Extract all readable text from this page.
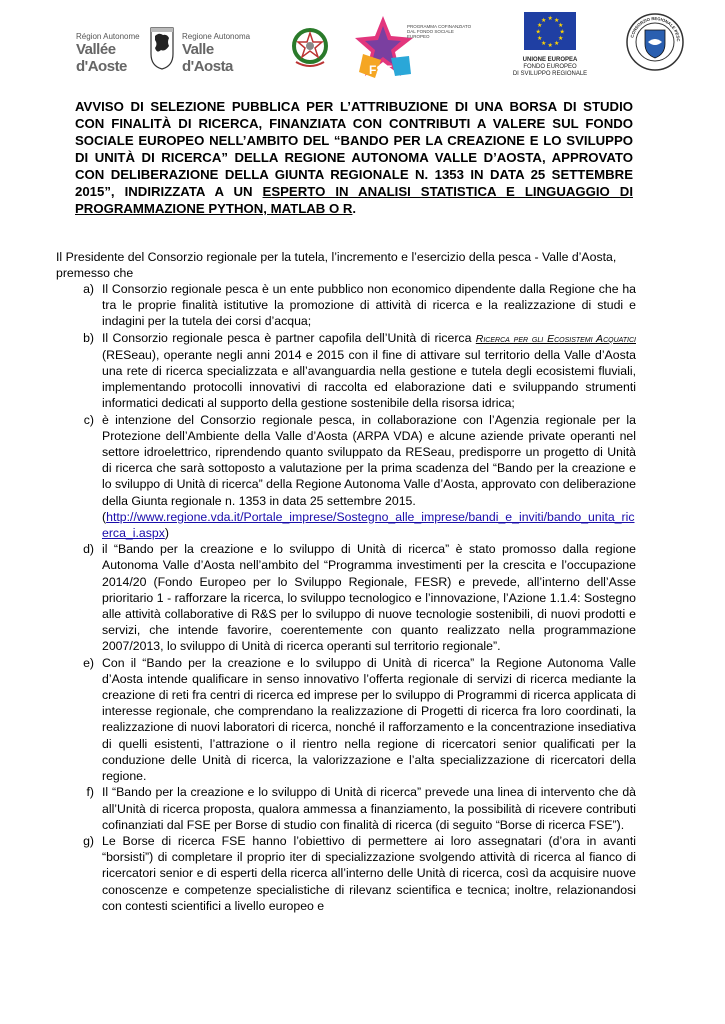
Région Autonome
Vallée d'Aoste
Regione Autonoma
Valle d'Aosta	FSE
PROGRAMMA COFINANZIATO DAL FONDO SOCIALE EUROPEO
★ ★
★
★
★
★
★
★
★
★
★
★
UNIONE EUROPEA
FONDO EUROPEO
DI SVILUPPO REGIONALE
CONSORZIO REGIONALE PESC
AVVISO DI SELEZIONE PUBBLICA PER L’ATTRIBUZIONE DI UNA BORSA DI STUDIO CON FINALITÀ DI RICERCA, FINANZIATA CON CONTRIBUTI A VALERE SUL FONDO SOCIALE EUROPEO NELL’AMBITO DEL “BANDO PER LA CREAZIONE E LO SVILUPPO DI UNITÀ DI RICERCA” DELLA REGIONE AUTONOMA VALLE D’AOSTA, APPROVATO CON DELIBERAZIONE DELLA GIUNTA REGIONALE N. 1353 IN DATA 25 SETTEMBRE 2015”, INDIRIZZATA A UN ESPERTO IN ANALISI STATISTICA E LINGUAGGIO DI PROGRAMMAZIONE PYTHON, MATLAB O R.
Il Presidente del Consorzio regionale per la tutela, l’incremento e l’esercizio della pesca - Valle d’Aosta, premesso che
a) Il Consorzio regionale pesca è un ente pubblico non economico dipendente dalla Regione che ha tra le proprie finalità istitutive la promozione di attività di ricerca e la realizzazione di studi e indagini per la tutela dei corsi d’acqua;
b) Il Consorzio regionale pesca è partner capofila dell’Unità di ricerca Ricerca per gli Ecosistemi Acquatici (RESeau), operante negli anni 2014 e 2015 con il fine di attivare sul territorio della Valle d’Aosta una rete di ricerca specializzata e all’avanguardia nella gestione e tutela degli ecosistemi fluviali, implementando protocolli innovativi di raccolta ed elaborazione dati e sviluppando strumenti informatici dedicati al supporto della gestione sostenibile della risorsa idrica;
c) è intenzione del Consorzio regionale pesca, in collaborazione con l’Agenzia regionale per la Protezione dell’Ambiente della Valle d’Aosta (ARPA VDA) e alcune aziende private operanti nel settore idroelettrico, riprendendo quanto sviluppato da RESeau, predisporre un progetto di Unità di ricerca che sarà sottoposto a valutazione per la prima scadenza del “Bando per la creazione e lo sviluppo di Unità di ricerca” della Regione Autonoma Valle d’Aosta, approvato con deliberazione della Giunta regionale n. 1353 in data 25 settembre 2015.

(http://www.regione.vda.it/Portale_imprese/Sostegno_alle_imprese/bandi_e_inviti/bando_unita_ricerca_i.aspx)

d) il “Bando per la creazione e lo sviluppo di Unità di ricerca” è stato promosso dalla regione Autonoma Valle d’Aosta nell’ambito del “Programma investimenti per la crescita e l’occupazione 2014/20 (Fondo Europeo per lo Sviluppo Regionale, FESR) e prevede, all’interno dell’Asse prioritario 1 - rafforzare la ricerca, lo sviluppo tecnologico e l’innovazione, l’Azione 1.1.4: Sostegno alle attività collaborative di R&S per lo sviluppo di nuove tecnologie sostenibili, di nuovi prodotti e servizi, che intende favorire, coerentemente con quanto realizzato nella programmazione 2007/2013, lo sviluppo di Unità di ricerca operanti sul territorio regionale”.
e) Con il “Bando per la creazione e lo sviluppo di Unità di ricerca” la Regione Autonoma Valle d’Aosta intende qualificare in senso innovativo l’offerta regionale di servizi di ricerca mediante la creazione di reti fra centri di ricerca ed imprese per lo sviluppo di Programmi di ricerca applicata di interesse regionale, che comprendano la realizzazione di Progetti di ricerca fra loro coordinati, la realizzazione di nuovi laboratori di ricerca, nonché il rafforzamento e la concentrazione insediativa di quelli esistenti, l’attrazione o il rientro nella regione di ricercatori senior qualificati per la conduzione delle Unità di ricerca, la valorizzazione e l’alta specializzazione di ricercatori della regione.
f) Il “Bando per la creazione e lo sviluppo di Unità di ricerca” prevede una linea di intervento che dà all’Unità di ricerca proposta, qualora ammessa a finanziamento, la possibilità di ricevere contributi cofinanziati dal FSE per Borse di studio con finalità di ricerca (di seguito “Borse di ricerca FSE”).
g) Le Borse di ricerca FSE hanno l’obiettivo di permettere ai loro assegnatari (d’ora in avanti “borsisti”) di completare il proprio iter di specializzazione svolgendo attività di ricerca al fianco di ricercatori senior e di esperti della ricerca all’interno delle Unità di ricerca, così da acquisire nuove conoscenze e competenze specialistiche di rilevanz scientifica e tecnica; inoltre, relazionandosi con contesti scientifici a livello europeo e
